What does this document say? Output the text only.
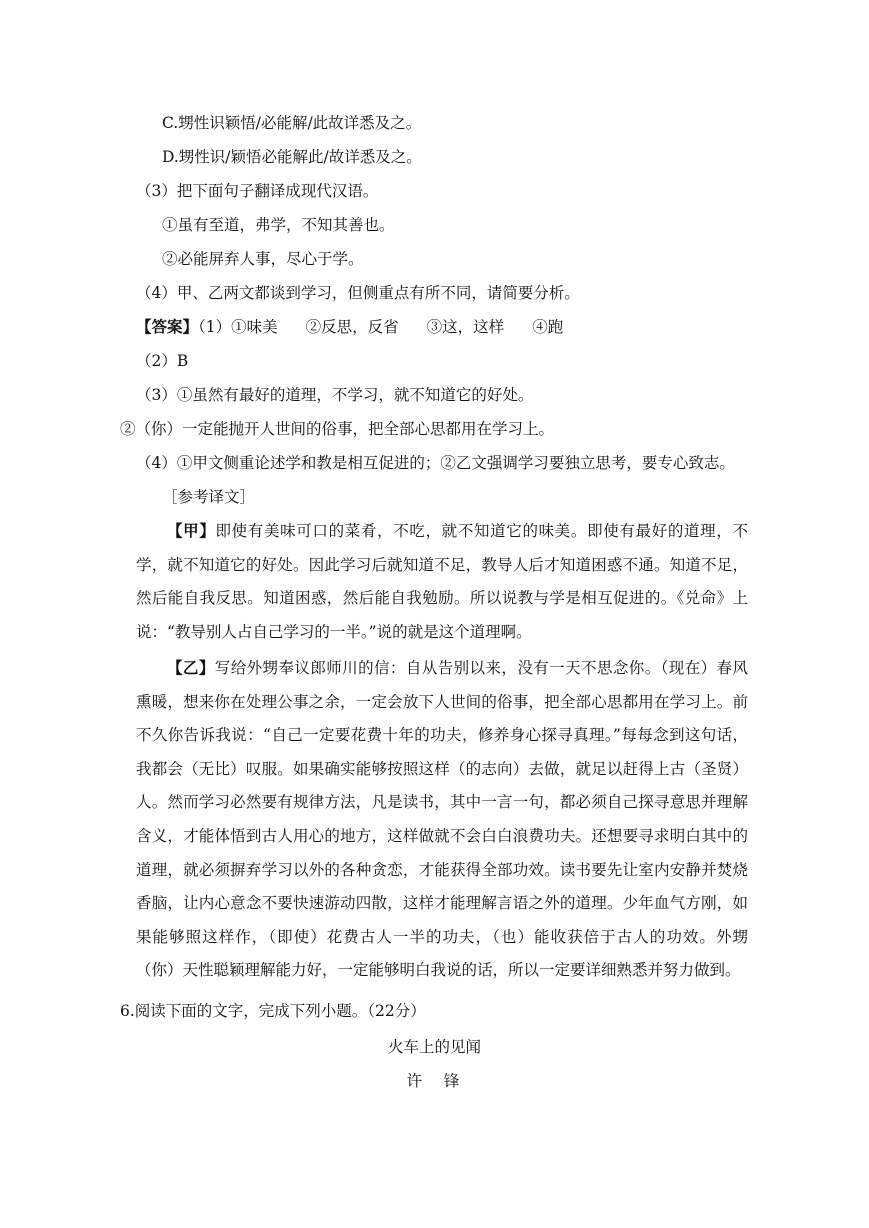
C.甥性识颖悟/必能解/此故详悉及之。
D.甥性识/颖悟必能解此/故详悉及之。
（3）把下面句子翻译成现代汉语。
①虽有至道，弗学，不知其善也。
②必能屏弃人事，尽心于学。
（4）甲、乙两文都谈到学习，但侧重点有所不同，请简要分析。
【答案】（1）①味美 ②反思，反省 ③这，这样 ④跑
（2）B
（3）①虽然有最好的道理，不学习，就不知道它的好处。
②（你）一定能抛开人世间的俗事，把全部心思都用在学习上。
（4）①甲文侧重论述学和教是相互促进的；②乙文强调学习要独立思考，要专心致志。
［参考译文］
【甲】即使有美味可口的菜肴，不吃，就不知道它的味美。即使有最好的道理，不学，就不知道它的好处。因此学习后就知道不足，教导人后才知道困惑不通。知道不足，然后能自我反思。知道困惑，然后能自我勉励。所以说教与学是相互促进的。《兑命》上说：“教导别人占自己学习的一半。”说的就是这个道理啊。
【乙】写给外甥奉议郎师川的信：自从告别以来，没有一天不思念你。（现在）春风熏暖，想来你在处理公事之余，一定会放下人世间的俗事，把全部心思都用在学习上。前不久你告诉我说：“自己一定要花费十年的功夫，修养身心探寻真理。”每每念到这句话，我都会（无比）叹服。如果确实能够按照这样（的志向）去做，就足以赶得上古（圣贤）人。然而学习必然要有规律方法，凡是读书，其中一言一句，都必须自己探寻意思并理解含义，才能体悟到古人用心的地方，这样做就不会白白浪费功夫。还想要寻求明白其中的道理，就必须摒弃学习以外的各种贪恋，才能获得全部功效。读书要先让室内安静并焚烧香脑，让内心意念不要快速游动四散，这样才能理解言语之外的道理。少年血气方刚，如果能够照这样作，（即使）花费古人一半的功夫，（也）能收获倍于古人的功效。外甥（你）天性聪颖理解能力好，一定能够明白我说的话，所以一定要详细熟悉并努力做到。
6.阅读下面的文字，完成下列小题。（22分）
火车上的见闻
许　锋
